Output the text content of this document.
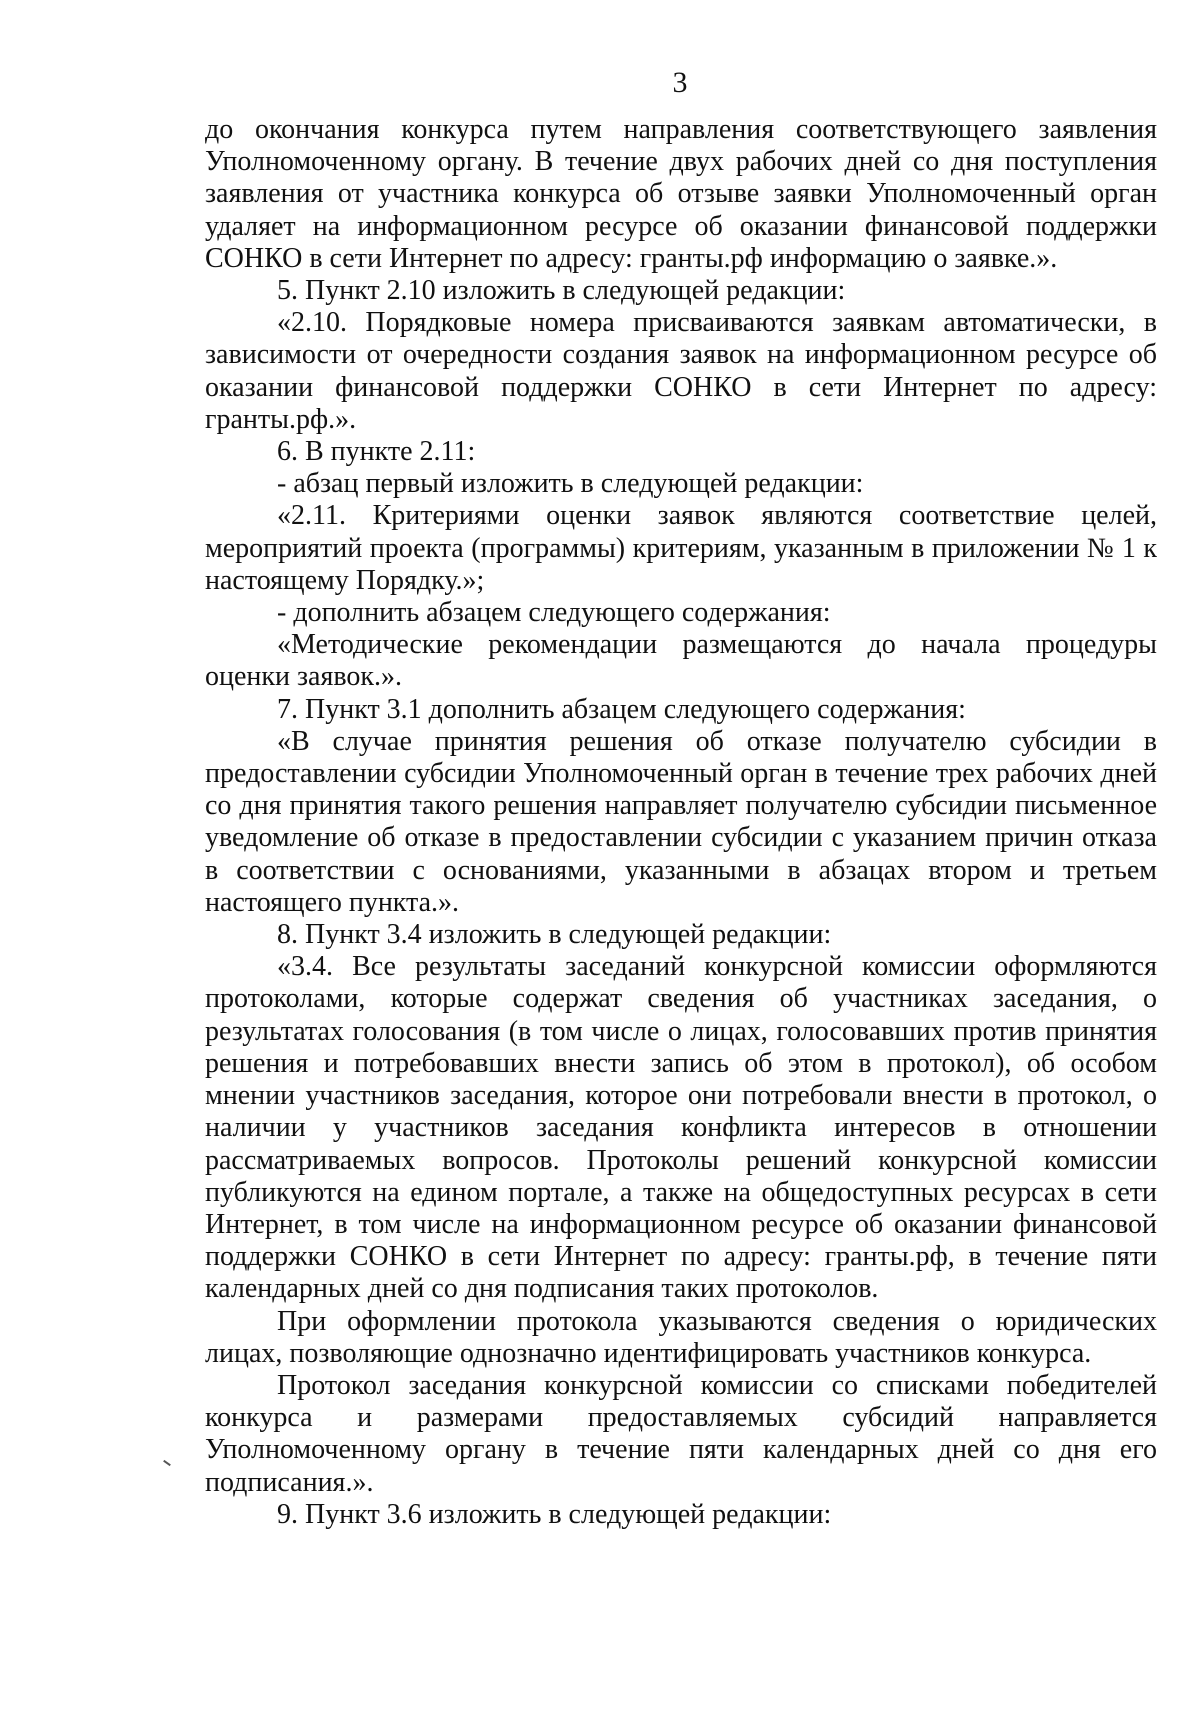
3

до окончания конкурса путем направления соответствующего заявления Уполномоченному органу. В течение двух рабочих дней со дня поступления заявления от участника конкурса об отзыве заявки Уполномоченный орган удаляет на информационном ресурсе об оказании финансовой поддержки СОНКО в сети Интернет по адресу: гранты.рф информацию о заявке.».

5. Пункт 2.10 изложить в следующей редакции:

«2.10. Порядковые номера присваиваются заявкам автоматически, в зависимости от очередности создания заявок на информационном ресурсе об оказании финансовой поддержки СОНКО в сети Интернет по адресу: гранты.рф.».

6. В пункте 2.11:

- абзац первый изложить в следующей редакции:

«2.11. Критериями оценки заявок являются соответствие целей, мероприятий проекта (программы) критериям, указанным в приложении № 1 к настоящему Порядку.»;

- дополнить абзацем следующего содержания:

«Методические рекомендации размещаются до начала процедуры оценки заявок.».

7. Пункт 3.1 дополнить абзацем следующего содержания:

«В случае принятия решения об отказе получателю субсидии в предоставлении субсидии Уполномоченный орган в течение трех рабочих дней со дня принятия такого решения направляет получателю субсидии письменное уведомление об отказе в предоставлении субсидии с указанием причин отказа в соответствии с основаниями, указанными в абзацах втором и третьем настоящего пункта.».

8. Пункт 3.4 изложить в следующей редакции:

«3.4. Все результаты заседаний конкурсной комиссии оформляются протоколами, которые содержат сведения об участниках заседания, о результатах голосования (в том числе о лицах, голосовавших против принятия решения и потребовавших внести запись об этом в протокол), об особом мнении участников заседания, которое они потребовали внести в протокол, о наличии у участников заседания конфликта интересов в отношении рассматриваемых вопросов. Протоколы решений конкурсной комиссии публикуются на едином портале, а также на общедоступных ресурсах в сети Интернет, в том числе на информационном ресурсе об оказании финансовой поддержки СОНКО в сети Интернет по адресу: гранты.рф, в течение пяти календарных дней со дня подписания таких протоколов.

При оформлении протокола указываются сведения о юридических лицах, позволяющие однозначно идентифицировать участников конкурса.

Протокол заседания конкурсной комиссии со списками победителей конкурса и размерами предоставляемых субсидий направляется Уполномоченному органу в течение пяти календарных дней со дня его подписания.».

9. Пункт 3.6 изложить в следующей редакции:
